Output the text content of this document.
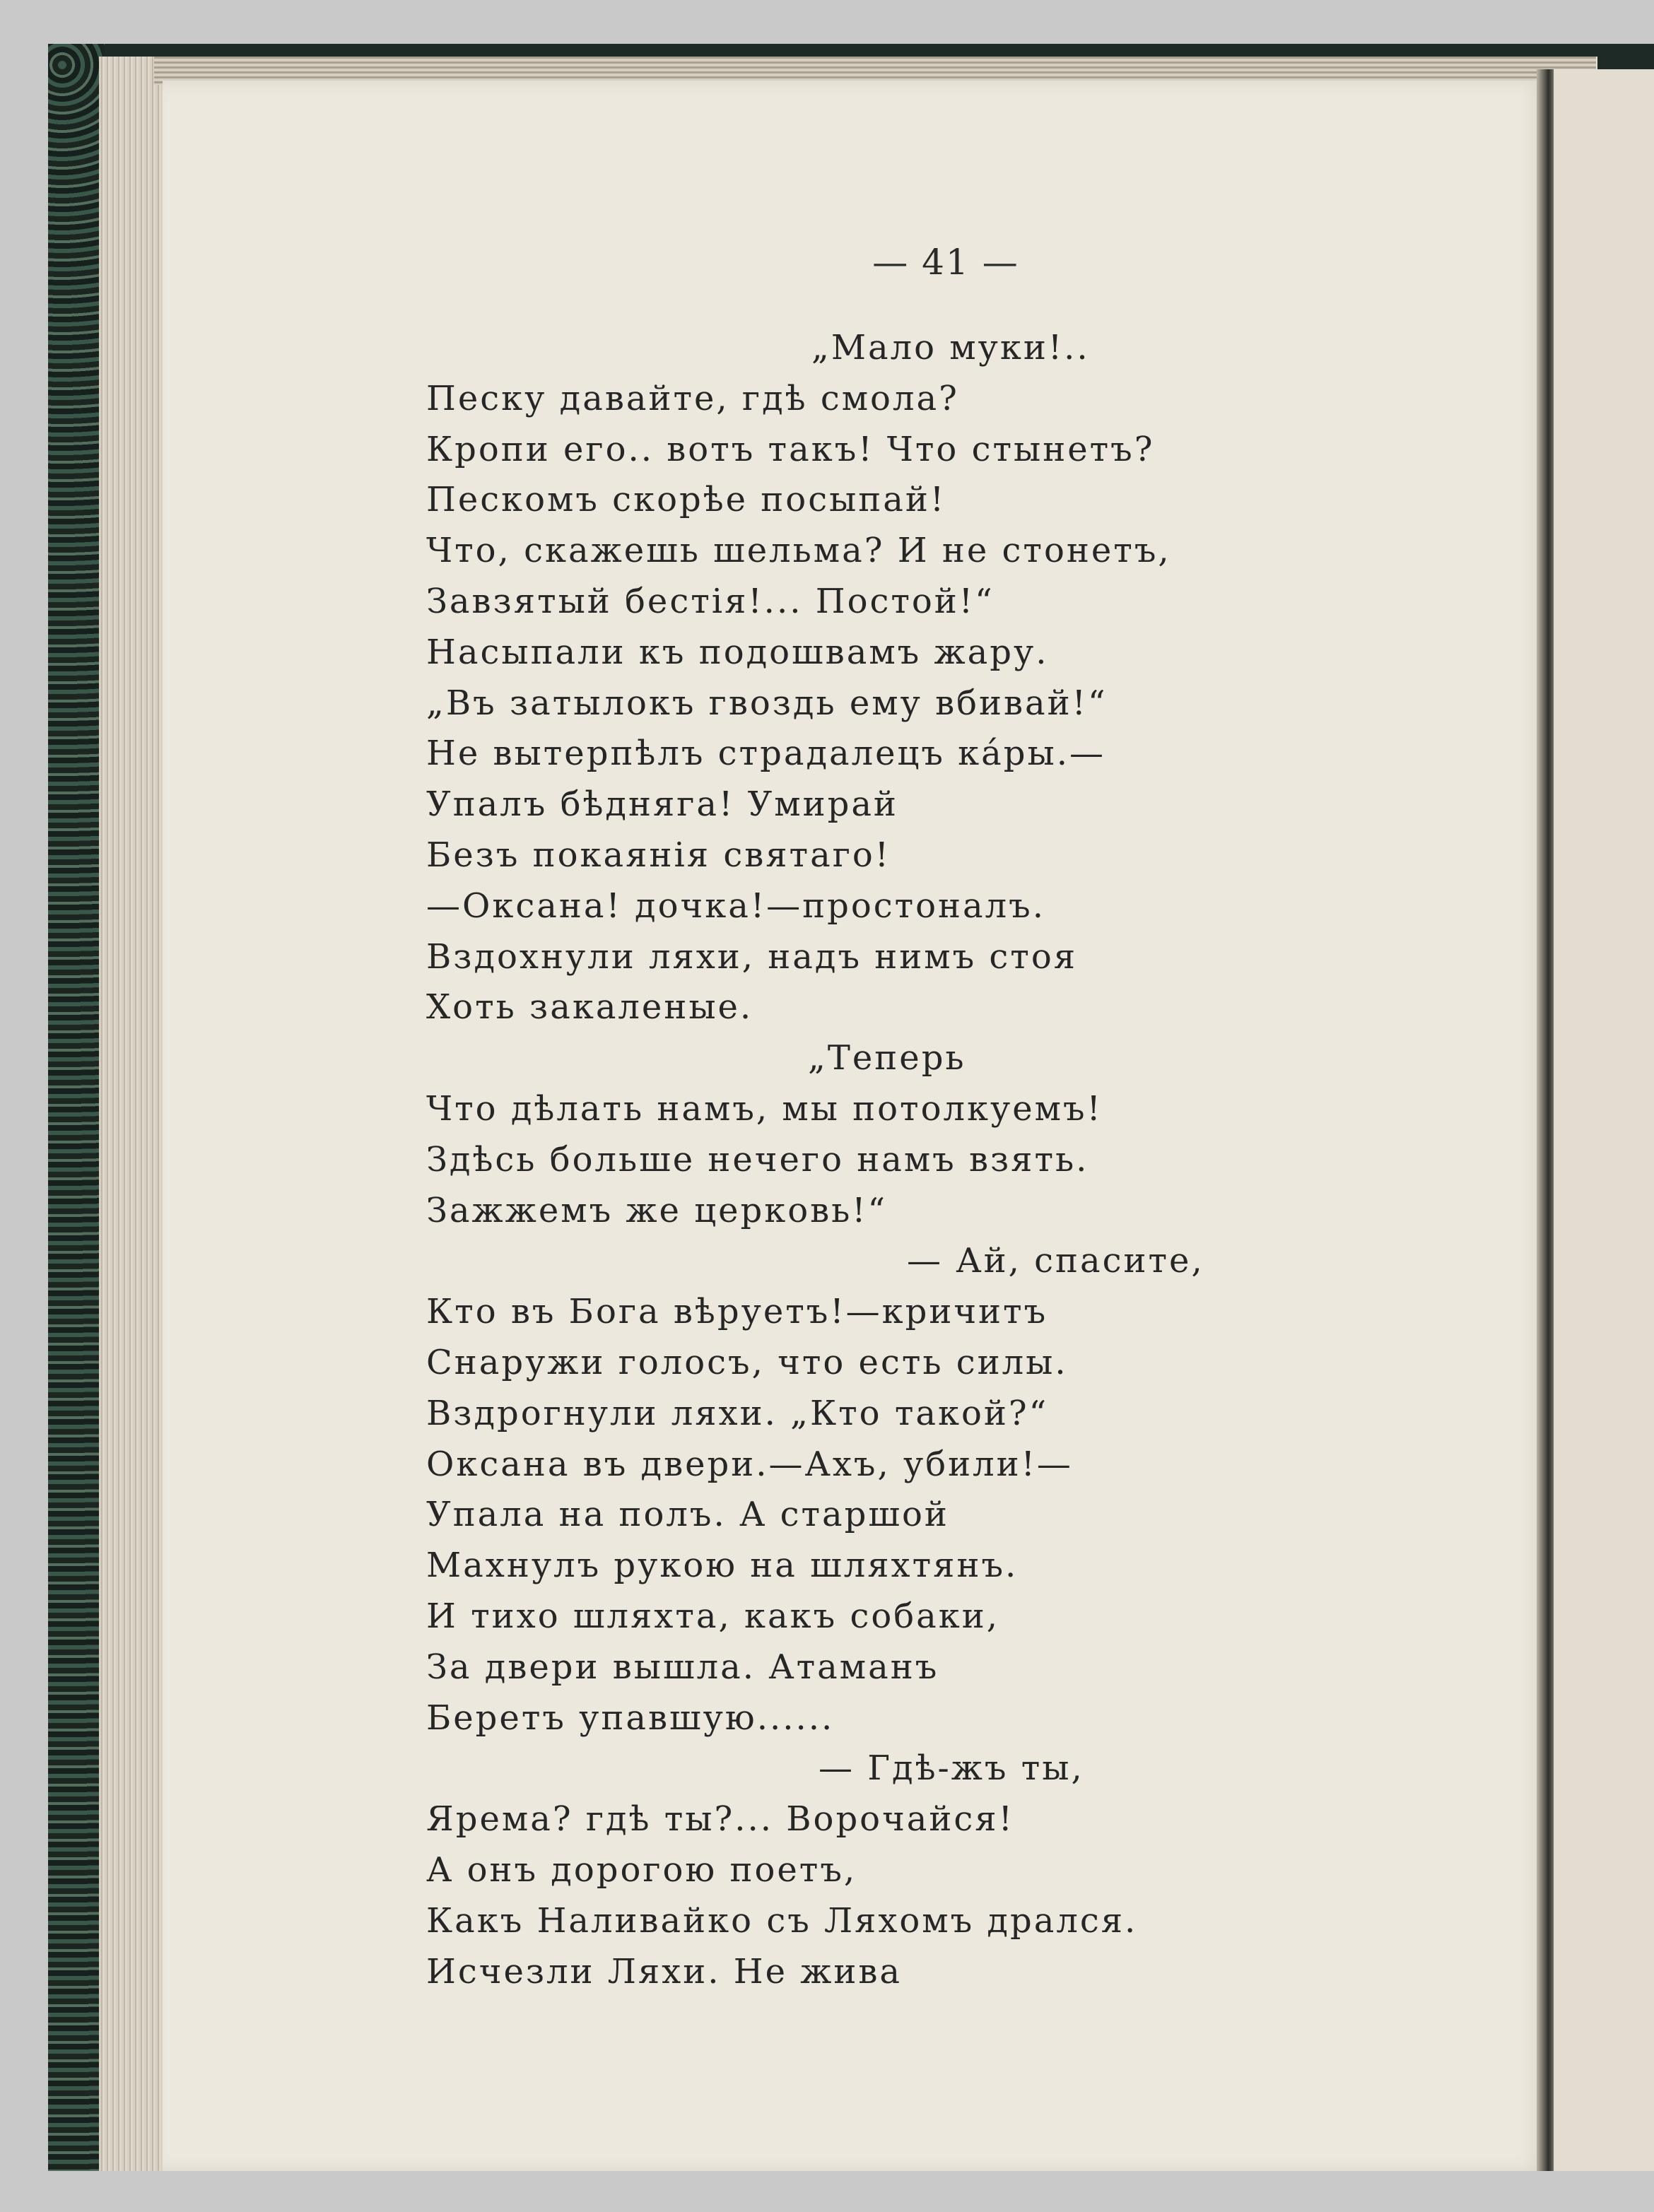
— 41 —
„Мало муки!..
Песку давайте, гдѣ смола?
Кропи его.. вотъ такъ! Что стынетъ?
Пескомъ скорѣе посыпай!
Что, скажешь шельма? И не стонетъ,
Завзятый бестія!... Постой!“
Насыпали къ подошвамъ жару.
„Въ затылокъ гвоздь ему вбивай!“
Не вытерпѣлъ страдалецъ кáры.—
Упалъ бѣдняга! Умирай
Безъ покаянія святаго!
—Оксана! дочка!—простоналъ.
Вздохнули ляхи, надъ нимъ стоя
Хоть закаленые.
„Теперь
Что дѣлать намъ, мы потолкуемъ!
Здѣсь больше нечего намъ взять.
Зажжемъ же церковь!“
— Ай, спасите,
Кто въ Бога вѣруетъ!—кричитъ
Снаружи голосъ, что есть силы.
Вздрогнули ляхи. „Кто такой?“
Оксана въ двери.—Ахъ, убили!—
Упала на полъ. А старшой
Махнулъ рукою на шляхтянъ.
И тихо шляхта, какъ собаки,
За двери вышла. Атаманъ
Беретъ упавшую......
— Гдѣ-жъ ты,
Ярема? гдѣ ты?... Ворочайся!
А онъ дорогою поетъ,
Какъ Наливайко съ Ляхомъ дрался.
Исчезли Ляхи. Не жива
